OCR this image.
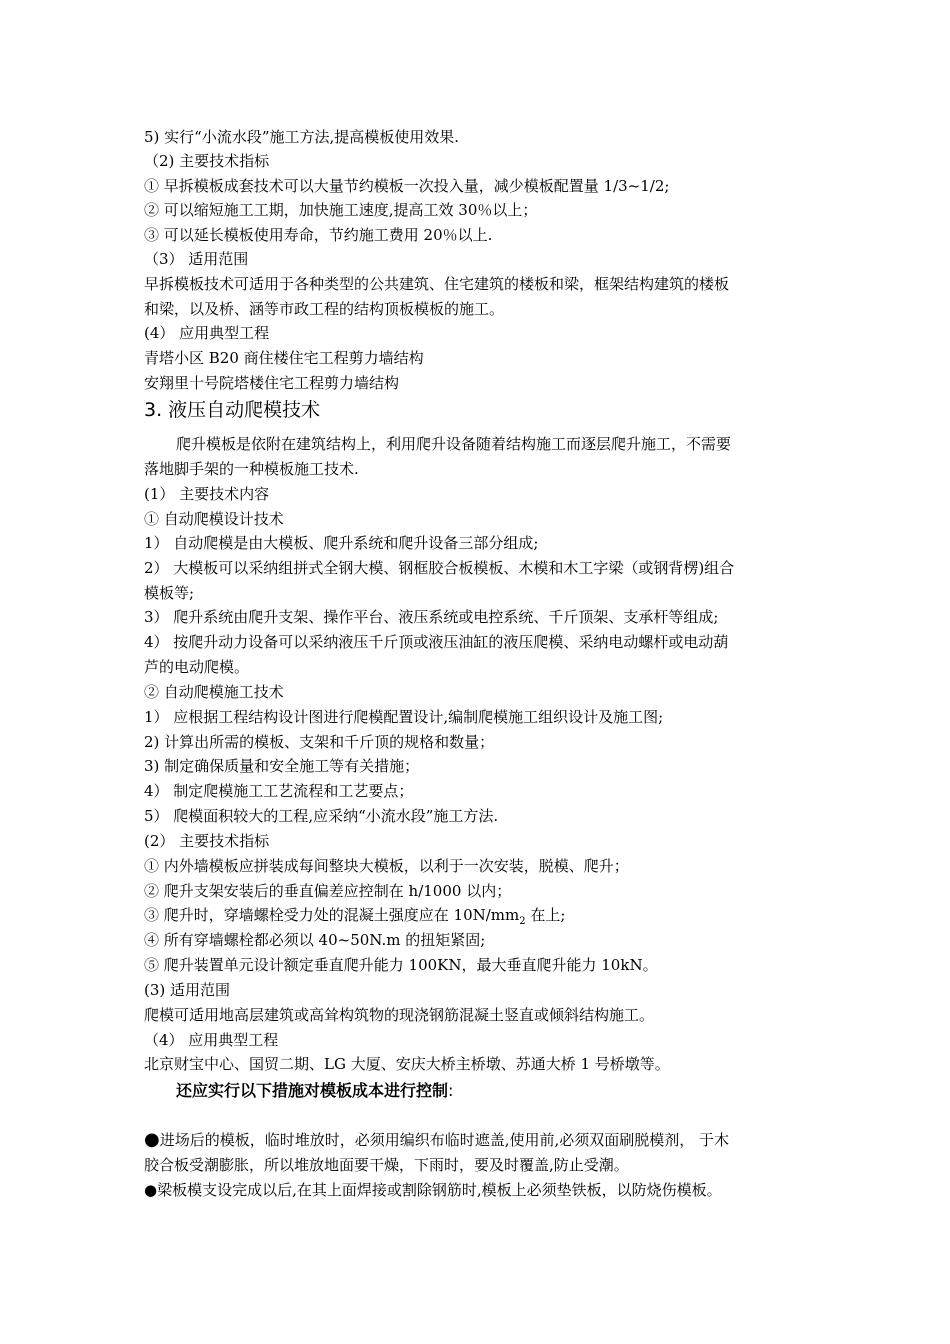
5) 实行“小流水段”施工方法,提高模板使用效果.
（2) 主要技术指标
① 早拆模板成套技术可以大量节约模板一次投入量，减少模板配置量 1/3~1/2;
② 可以缩短施工工期，加快施工速度,提高工效 30％以上；
③ 可以延长模板使用寿命，节约施工费用 20％以上.
（3） 适用范围
早拆模板技术可适用于各种类型的公共建筑、住宅建筑的楼板和梁，框架结构建筑的楼板
和梁，以及桥、涵等市政工程的结构顶板模板的施工。
(4） 应用典型工程
青塔小区 B20 商住楼住宅工程剪力墙结构
安翔里十号院塔楼住宅工程剪力墙结构
3. 液压自动爬模技术
爬升模板是依附在建筑结构上，利用爬升设备随着结构施工而逐层爬升施工，不需要
落地脚手架的一种模板施工技术.
(1） 主要技术内容
① 自动爬模设计技术
1） 自动爬模是由大模板、爬升系统和爬升设备三部分组成;
2） 大模板可以采纳组拼式全钢大模、钢框胶合板模板、木模和木工字梁（或钢背楞)组合
模板等;
3） 爬升系统由爬升支架、操作平台、液压系统或电控系统、千斤顶架、支承杆等组成;
4） 按爬升动力设备可以采纳液压千斤顶或液压油缸的液压爬模、采纳电动螺杆或电动葫
芦的电动爬模。
② 自动爬模施工技术
1） 应根据工程结构设计图进行爬模配置设计,编制爬模施工组织设计及施工图;
2) 计算出所需的模板、支架和千斤顶的规格和数量；
3) 制定确保质量和安全施工等有关措施；
4） 制定爬模施工工艺流程和工艺要点；
5） 爬模面积较大的工程,应采纳“小流水段”施工方法.
(2） 主要技术指标
① 内外墙模板应拼装成每间整块大模板，以利于一次安装，脱模、爬升；
② 爬升支架安装后的垂直偏差应控制在 h/1000 以内；
③ 爬升时，穿墙螺栓受力处的混凝土强度应在 $10N/mm_2$ 在上;
④ 所有穿墙螺栓都必须以 40~50N.m 的扭矩紧固;
⑤ 爬升装置单元设计额定垂直爬升能力 100KN，最大垂直爬升能力 10kN。
(3) 适用范围
爬模可适用地高层建筑或高耸构筑物的现浇钢筋混凝土竖直或倾斜结构施工。
（4） 应用典型工程
北京财宝中心、国贸二期、LG 大厦、安庆大桥主桥墩、苏通大桥 1 号桥墩等。
还应实行以下措施对模板成本进行控制:
●进场后的模板，临时堆放时，必须用编织布临时遮盖,使用前,必须双面刷脱模剂， 于木
胶合板受潮膨胀，所以堆放地面要干燥，下雨时，要及时覆盖,防止受潮。
●梁板模支设完成以后,在其上面焊接或割除钢筋时,模板上必须垫铁板，以防烧伤模板。
